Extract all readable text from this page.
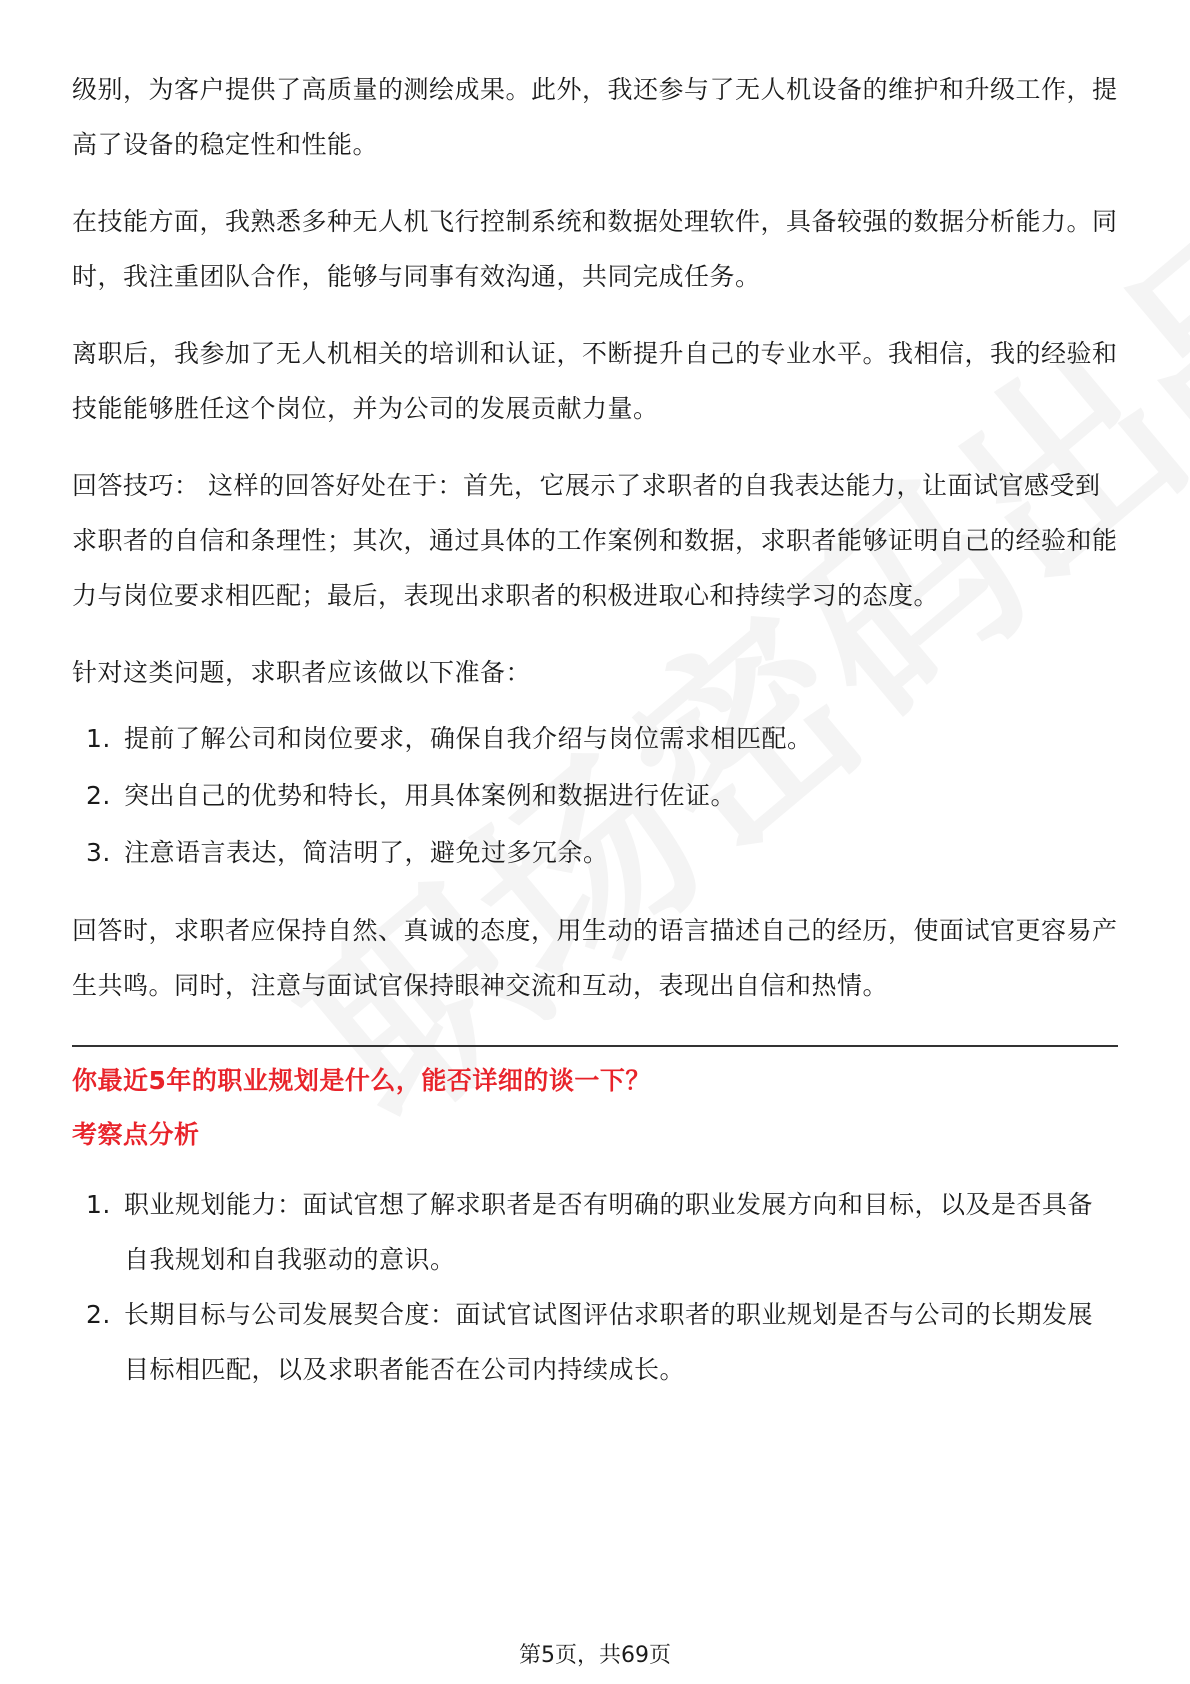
级别，为客户提供了高质量的测绘成果。此外，我还参与了无人机设备的维护和升级工作，提高了设备的稳定性和性能。

在技能方面，我熟悉多种无人机飞行控制系统和数据处理软件，具备较强的数据分析能力。同时，我注重团队合作，能够与同事有效沟通，共同完成任务。

离职后，我参加了无人机相关的培训和认证，不断提升自己的专业水平。我相信，我的经验和技能能够胜任这个岗位，并为公司的发展贡献力量。

回答技巧： 这样的回答好处在于：首先，它展示了求职者的自我表达能力，让面试官感受到求职者的自信和条理性；其次，通过具体的工作案例和数据，求职者能够证明自己的经验和能力与岗位要求相匹配；最后，表现出求职者的积极进取心和持续学习的态度。

针对这类问题，求职者应该做以下准备：

1. 提前了解公司和岗位要求，确保自我介绍与岗位需求相匹配。
2. 突出自己的优势和特长，用具体案例和数据进行佐证。
3. 注意语言表达，简洁明了，避免过多冗余。

回答时，求职者应保持自然、真诚的态度，用生动的语言描述自己的经历，使面试官更容易产生共鸣。同时，注意与面试官保持眼神交流和互动，表现出自信和热情。

你最近5年的职业规划是什么，能否详细的谈一下？
考察点分析
1. 职业规划能力：面试官想了解求职者是否有明确的职业发展方向和目标，以及是否具备自我规划和自我驱动的意识。
2. 长期目标与公司发展契合度：面试官试图评估求职者的职业规划是否与公司的长期发展目标相匹配，以及求职者能否在公司内持续成长。
第5页，共69页
